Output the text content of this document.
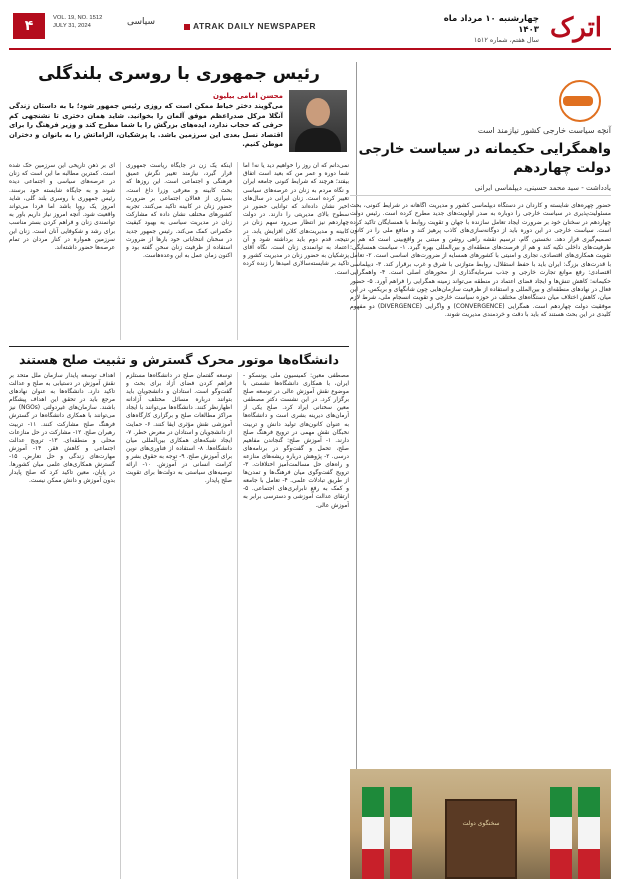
اترک
چهارشنبه ۱۰ مرداد ماه ۱۴۰۳
سال هفتم، شماره ۱۵۱۲
ATRAK DAILY NEWSPAPER
سیاسی
VOL. 19, NO. 1512
JULY 31, 2024
۴
آنچه سیاست خارجی کشور نیازمند است
واهمگرایی حکیمانه در سیاست خارجی دولت چهاردهم
یادداشت - سید محمد حسینی، دیپلماسی ایرانی
حضور چهره‌های شایسته و کاردان در دستگاه دیپلماسی کشور و مدیریت آگاهانه در شرایط کنونی، بحث مسئولیت‌پذیری در سیاست خارجی را دوباره به صدر اولویت‌های جدید مطرح کرده است. رئیس دولت چهاردهم در سخنان خود بر ضرورت ایجاد تعامل سازنده با جهان و تقویت روابط با همسایگان تاکید کرده است. سیاست خارجی در این دوره باید از دوگانه‌سازی‌های کاذب پرهیز کند و منافع ملی را در کانون تصمیم‌گیری قرار دهد. نخستین گام، ترسیم نقشه راهی روشن و مبتنی بر واقع‌بینی است که هم بر ظرفیت‌های داخلی تکیه کند و هم از فرصت‌های منطقه‌ای و بین‌المللی بهره گیرد. ۱- سیاست همسایگی: تقویت همکاری‌های اقتصادی، تجاری و امنیتی با کشورهای همسایه از ضرورت‌های اساسی است. ۲- تعامل با قدرت‌های بزرگ: ایران باید با حفظ استقلال، روابط متوازنی با شرق و غرب برقرار کند. ۳- دیپلماسی اقتصادی: رفع موانع تجارت خارجی و جذب سرمایه‌گذاری از محورهای اصلی است. ۴- واهمگرایی حکیمانه: کاهش تنش‌ها و ایجاد فضای اعتماد در منطقه می‌تواند زمینه همگرایی را فراهم آورد. ۵- حضور فعال در نهادهای منطقه‌ای و بین‌المللی و استفاده از ظرفیت سازمان‌هایی چون شانگهای و بریکس. در این میان، کاهش اختلاف میان دستگاه‌های مختلف در حوزه سیاست خارجی و تقویت انسجام ملی، شرط لازم موفقیت دولت چهاردهم است. همگرایی (CONVERGENCE) و واگرایی (DIVERGENCE) دو مفهوم کلیدی در این بحث هستند که باید با دقت و خردمندی مدیریت شوند.
سخنگوی دولت
رئیس جمهوری با روسری بلندگلی
محسن امامی بیلیون
می‌گویند دختر خیاط ممکن است که روزی رئیس جمهور شود؛ با به داستان زندگی آنگلا مرکل صدراعظم موفق آلمان را بخوانید. شاید همان دختری تا نشنجهی کم حرفی که حجاب ندارد، ایده‌های بزرگش را با شما مطرح کند و وزیر فرهنگ را برای اقتصاد نسل بعدی این سرزمین باشد. یا پزشکیان، الزاماتش را به بانوان و دختران موطن کنیم.
نمی‌دانم که آن روز را خواهیم دید یا نه! اما شما دوره و عمر من که بعید است اتفاق بیفتد؛ هرچند که شرایط کنونی جامعه ایران و نگاه مردم به زنان در عرصه‌های سیاسی تغییر کرده است. زنان ایرانی در سال‌های اخیر نشان داده‌اند که توانایی حضور در سطوح بالای مدیریتی را دارند. در دولت چهاردهم نیز انتظار می‌رود سهم زنان در کابینه و مدیریت‌های کلان افزایش یابد. در نتیجه، قدم دوم باید برداشته شود و آن اعتماد به توانمندی زنان است. نگاه آقای پزشکیان به حضور زنان در مدیریت کشور و تاکید بر شایسته‌سالاری امیدها را زنده کرده است.
اینکه یک زن در جایگاه ریاست جمهوری قرار گیرد، نیازمند تغییر نگرش عمیق فرهنگی و اجتماعی است. این روزها که بحث کابینه و معرفی وزرا داغ است، بسیاری از فعالان اجتماعی بر ضرورت حضور زنان در کابینه تاکید می‌کنند. تجربه کشورهای مختلف نشان داده که مشارکت زنان در مدیریت سیاسی به بهبود کیفیت حکمرانی کمک می‌کند. رئیس جمهور جدید در سخنان انتخاباتی خود بارها از ضرورت استفاده از ظرفیت زنان سخن گفته بود و اکنون زمان عمل به این وعده‌هاست.
ای بر ذهن تاریخی این سرزمین حک شده است. کمترین مطالبه ما این است که زنان در عرصه‌های سیاسی و اجتماعی دیده شوند و به جایگاه شایسته خود برسند. رئیس جمهوری با روسری بلند گلی، شاید امروز یک رویا باشد اما فردا می‌تواند واقعیت شود. آنچه امروز نیاز داریم باور به توانمندی زنان و فراهم کردن بستر مناسب برای رشد و شکوفایی آنان است. زنان این سرزمین همواره در کنار مردان در تمام عرصه‌ها حضور داشته‌اند.
دانشگاه‌ها موتور محرک گسترش و تثبیت صلح هستند
مصطفی معین: کمیسیون ملی یونسکو - ایران، با همکاری دانشگاه‌ها نشستی با موضوع نقش آموزش عالی در توسعه صلح برگزار کرد. در این نشست دکتر مصطفی معین سخنانی ایراد کرد. صلح یکی از آرمان‌های دیرینه بشری است و دانشگاه‌ها به عنوان کانون‌های تولید دانش و تربیت نخبگان نقش مهمی در ترویج فرهنگ صلح دارند. ۱- آموزش صلح: گنجاندن مفاهیم صلح، تحمل و گفت‌وگو در برنامه‌های درسی. ۲- پژوهش درباره ریشه‌های منازعه و راه‌های حل مسالمت‌آمیز اختلافات. ۳- ترویج گفت‌وگوی میان فرهنگ‌ها و تمدن‌ها از طریق تبادلات علمی. ۴- تعامل با جامعه و کمک به رفع نابرابری‌های اجتماعی. ۵- ارتقای عدالت آموزشی و دسترسی برابر به آموزش عالی.
توسعه گفتمان صلح در دانشگاه‌ها مستلزم فراهم کردن فضای آزاد برای بحث و گفت‌وگو است. استادان و دانشجویان باید بتوانند درباره مسائل مختلف آزادانه اظهارنظر کنند. دانشگاه‌ها می‌توانند با ایجاد مراکز مطالعات صلح و برگزاری کارگاه‌های آموزشی نقش مؤثری ایفا کنند. ۶- حمایت از دانشجویان و استادان در معرض خطر. ۷- ایجاد شبکه‌های همکاری بین‌المللی میان دانشگاه‌ها. ۸- استفاده از فناوری‌های نوین برای آموزش صلح. ۹- توجه به حقوق بشر و کرامت انسانی در آموزش. ۱۰- ارائه توصیه‌های سیاستی به دولت‌ها برای تقویت صلح پایدار.
اهداف توسعه پایدار سازمان ملل متحد بر نقش آموزش در دستیابی به صلح و عدالت تاکید دارد. دانشگاه‌ها به عنوان نهادهای مرجع باید در تحقق این اهداف پیشگام باشند. سازمان‌های غیردولتی (NGOs) نیز می‌توانند با همکاری دانشگاه‌ها در گسترش فرهنگ صلح مشارکت کنند. ۱۱- تربیت رهبران صلح. ۱۲- مشارکت در حل منازعات محلی و منطقه‌ای. ۱۳- ترویج عدالت اجتماعی و کاهش فقر. ۱۴- آموزش مهارت‌های زندگی و حل تعارض. ۱۵- گسترش همکاری‌های علمی میان کشورها. در پایان، معین تاکید کرد که صلح پایدار بدون آموزش و دانش ممکن نیست.
